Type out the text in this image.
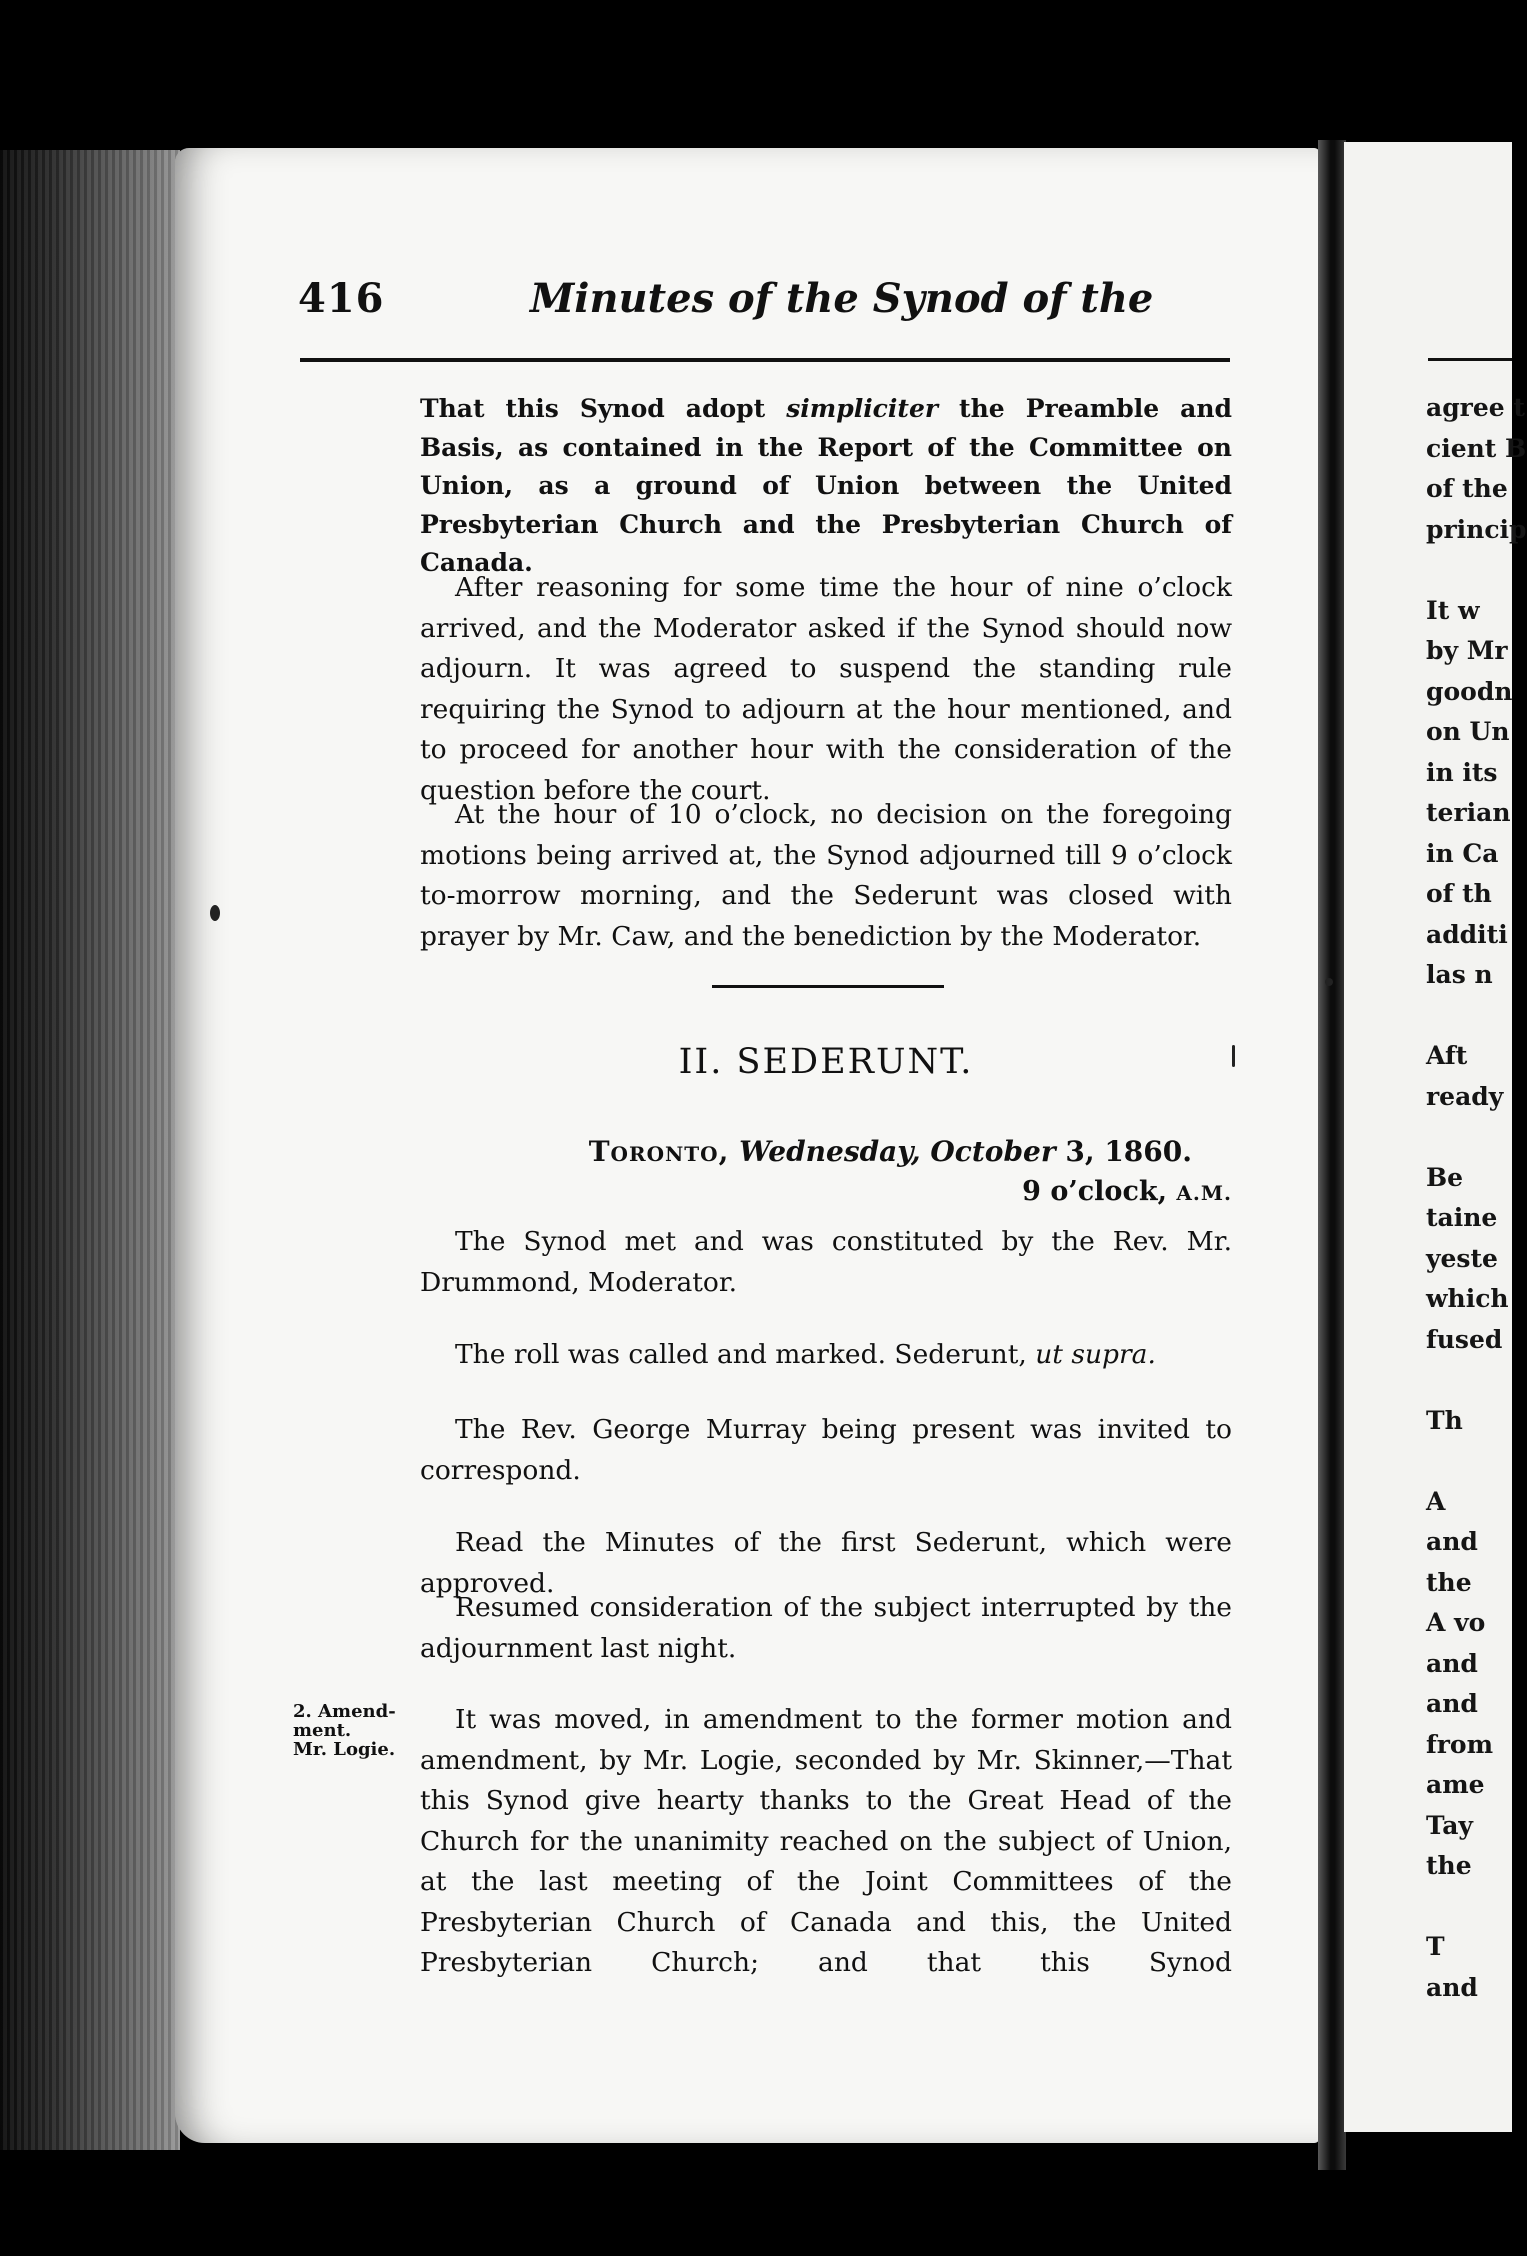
416	Minutes of the Synod of the
That this Synod adopt simpliciter the Preamble and Basis, as contained in the Report of the Committee on Union, as a ground of Union between the United Presbyterian Church and the Presbyterian Church of Canada.
After reasoning for some time the hour of nine o’clock arrived, and the Moderator asked if the Synod should now adjourn. It was agreed to suspend the standing rule requiring the Synod to adjourn at the hour mentioned, and to proceed for another hour with the consideration of the question before the court.
At the hour of 10 o’clock, no decision on the foregoing motions being arrived at, the Synod adjourned till 9 o’clock to-morrow morning, and the Sederunt was closed with prayer by Mr. Caw, and the benediction by the Moderator.
II. SEDERUNT.
Toronto, Wednesday, October 3, 1860.
9 o’clock, A.M.
The Synod met and was constituted by the Rev. Mr. Drummond, Moderator.
The roll was called and marked. Sederunt, ut supra.
The Rev. George Murray being present was invited to correspond.
Read the Minutes of the first Sederunt, which were approved.
Resumed consideration of the subject interrupted by the adjournment last night.
It was moved, in amendment to the former motion and amendment, by Mr. Logie, seconded by Mr. Skinner,—That this Synod give hearty thanks to the Great Head of the Church for the unanimity reached on the subject of Union, at the last meeting of the Joint Committees of the Presbyterian Church of Canada and this, the United Presbyterian Church; and that this Synod
2. Amend-
ment.
Mr. Logie.
agree t
cient B
of the
princip
It w
by Mr
goodn
on Un
in its
terian
in Ca
of th
additi
las n
Aft
ready
Be
taine
yeste
which
fused
Th
A
and
the
A vo
and
and
from
ame
Tay
the
T
and
